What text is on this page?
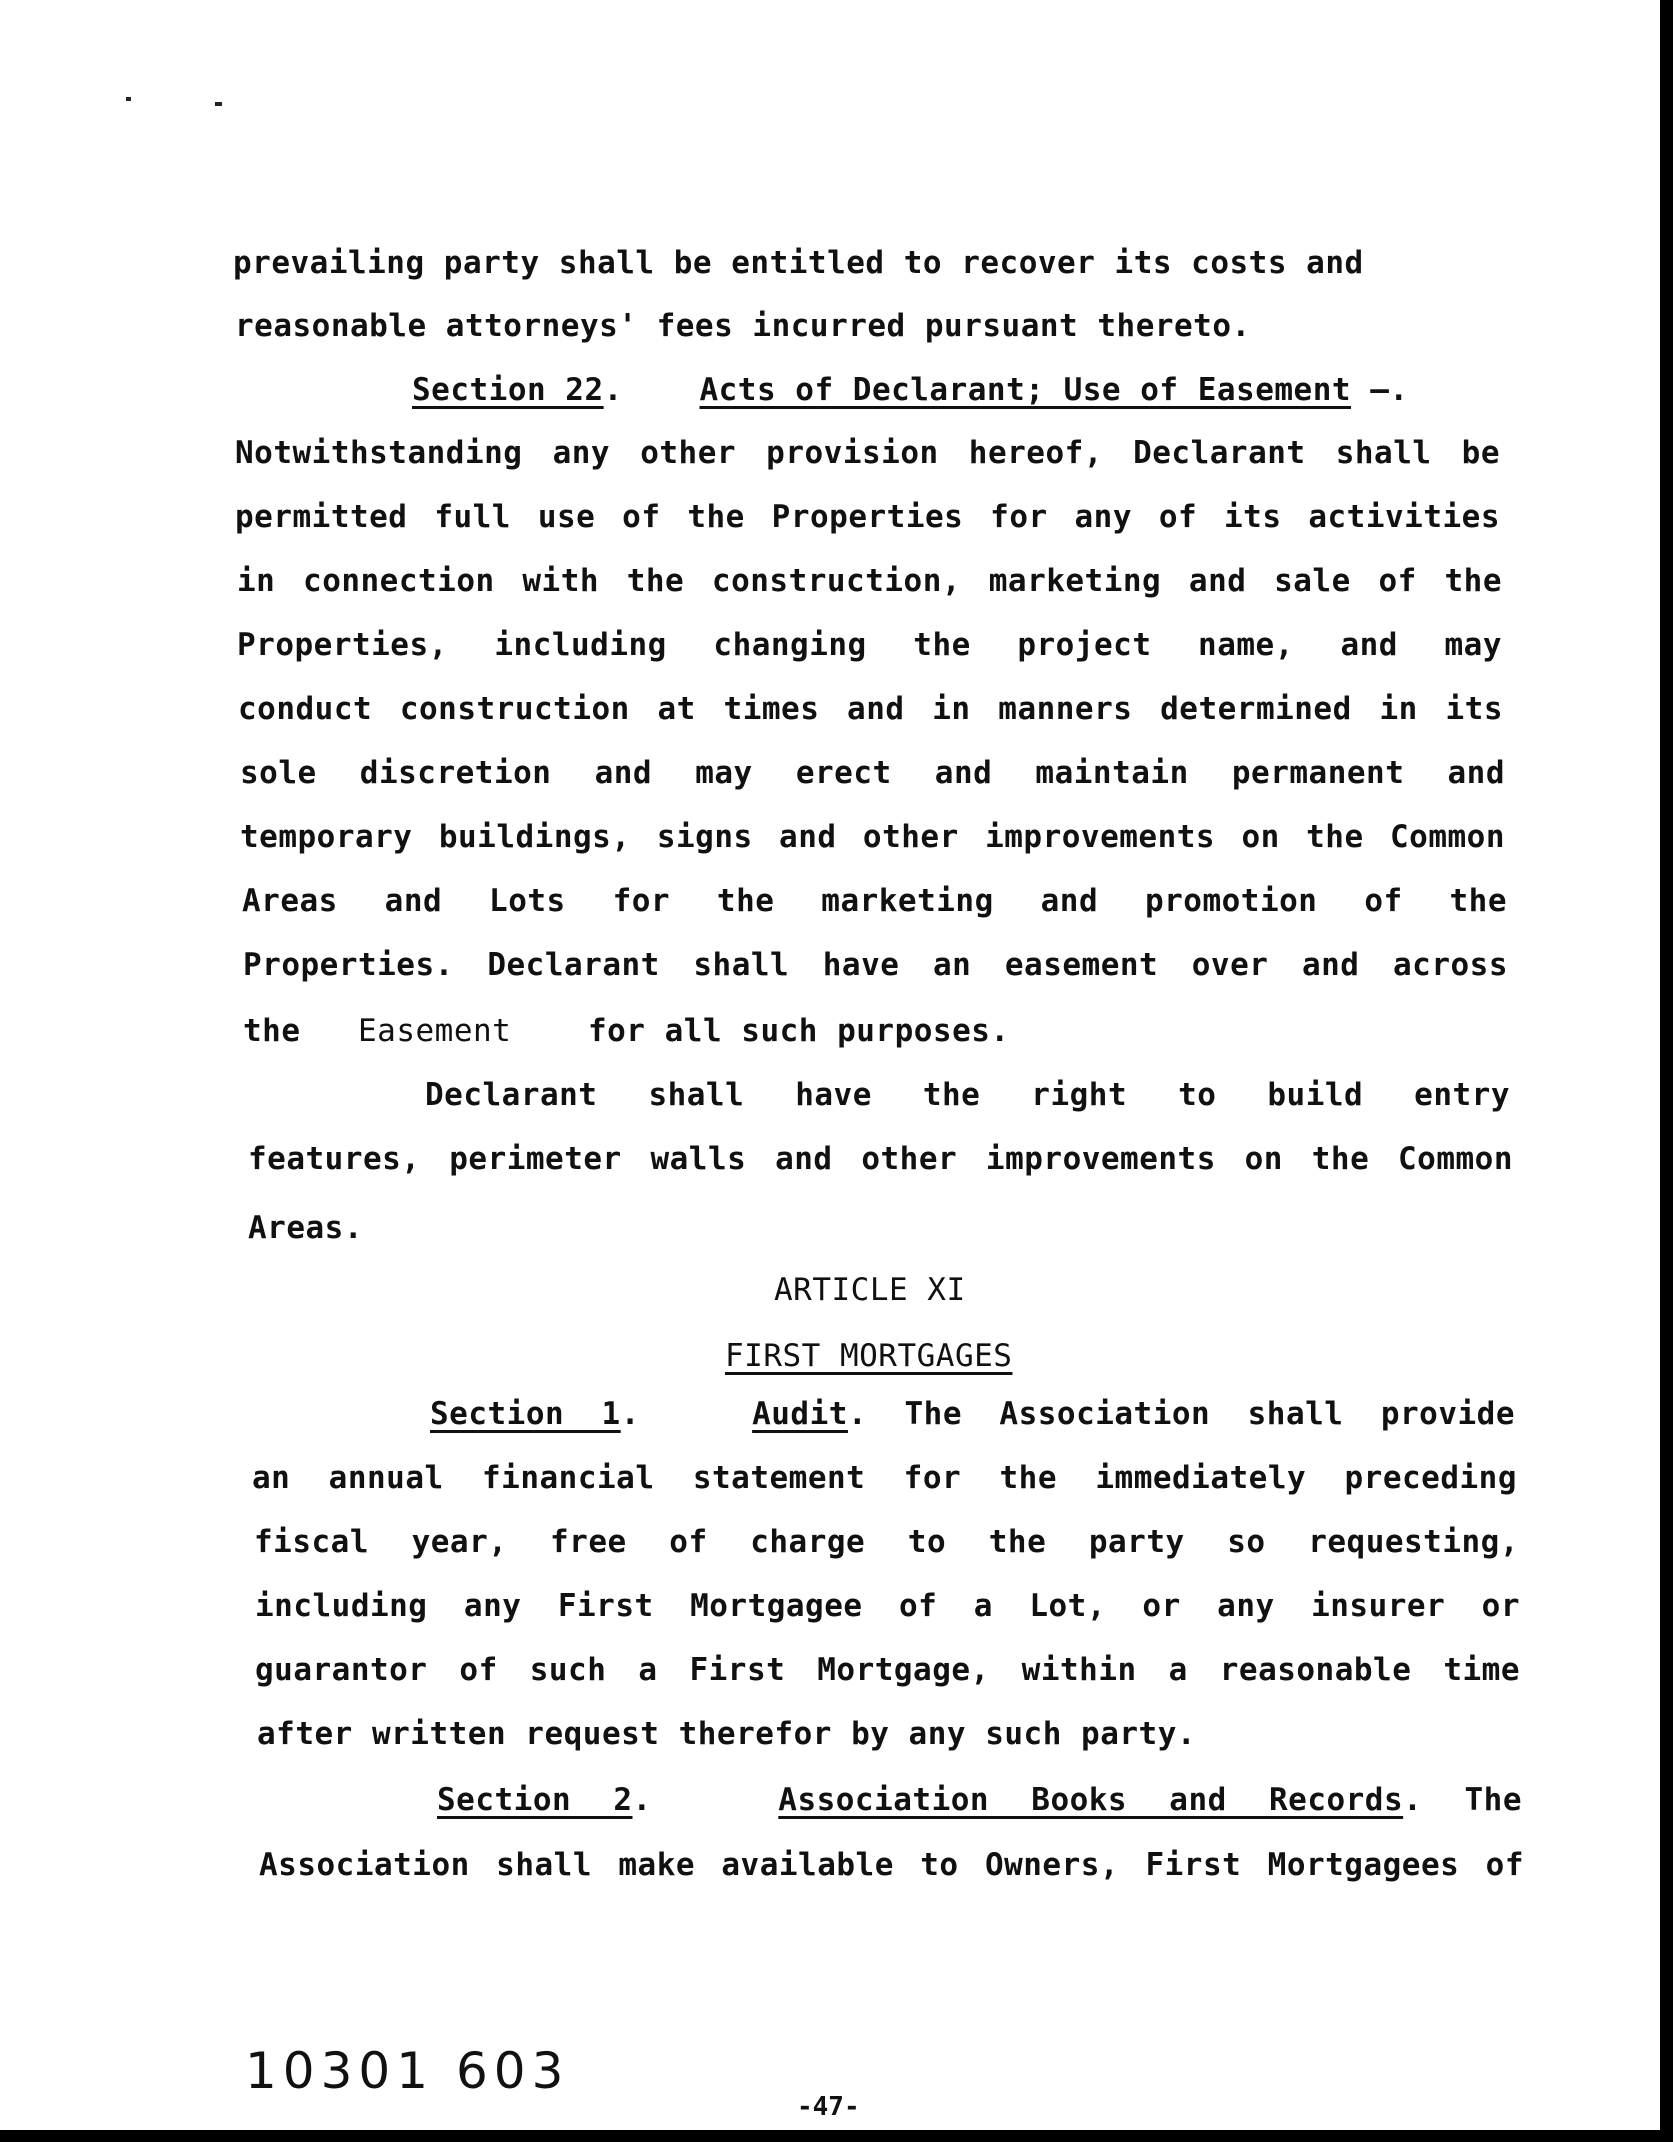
prevailing party shall be entitled to recover its costs and
reasonable attorneys' fees incurred pursuant thereto.
Section 22.    Acts of Declarant; Use of Easement —.
Notwithstanding any other provision hereof, Declarant shall be
permitted full use of the Properties for any of its activities
in connection with the construction, marketing and sale of the
Properties, including changing the project name, and may
conduct construction at times and in manners determined in its
sole discretion and may erect and maintain permanent and
temporary buildings, signs and other improvements on the Common
Areas and Lots for the marketing and promotion of the
Properties. Declarant shall have an easement over and across
the Easement for all such purposes.
Declarant shall have the right to build entry
features, perimeter walls and other improvements on the Common
Areas.
ARTICLE XI
FIRST MORTGAGES
Section 1.   Audit. The Association shall provide
an annual financial statement for the immediately preceding
fiscal year, free of charge to the party so requesting,
including any First Mortgagee of a Lot, or any insurer or
guarantor of such a First Mortgage, within a reasonable time
after written request therefor by any such party.
Section 2.   Association Books and Records. The
Association shall make available to Owners, First Mortgagees of
10301 603
-47-
